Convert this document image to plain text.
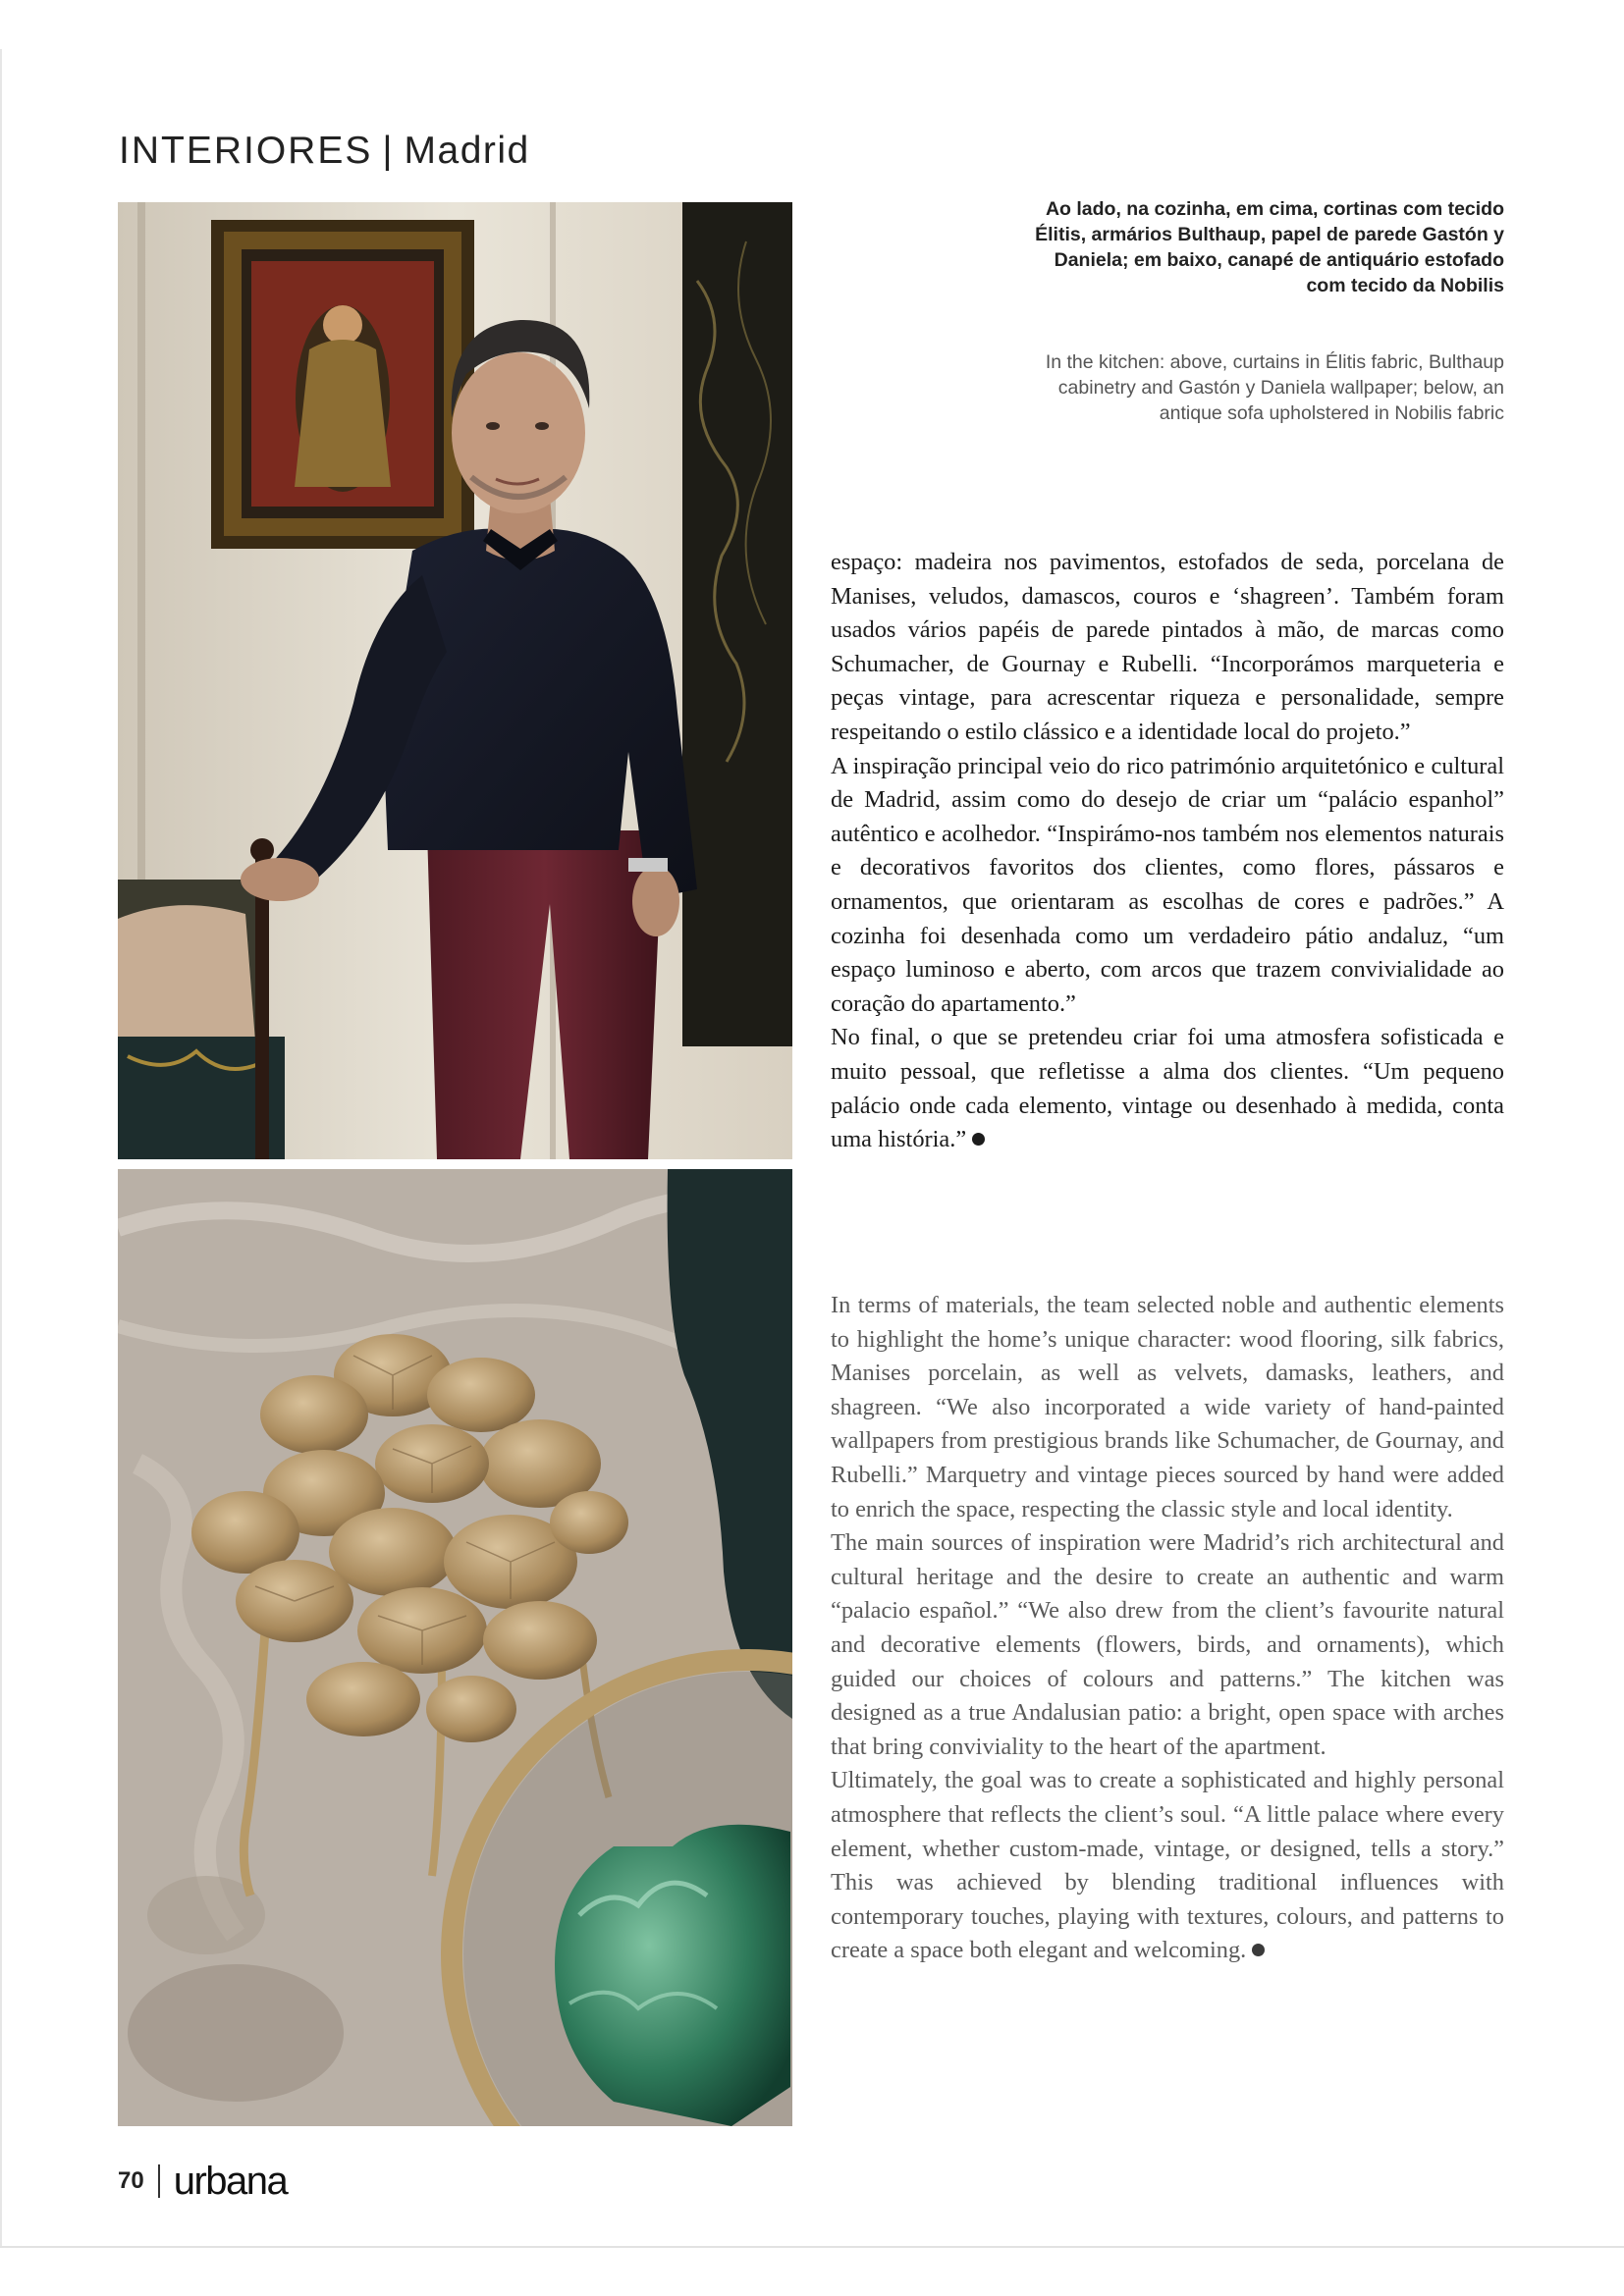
INTERIORES | Madrid
Ao lado, na cozinha, em cima, cortinas com tecido Élitis, armários Bulthaup, papel de parede Gastón y Daniela; em baixo, canapé de antiquário estofado com tecido da Nobilis
In the kitchen: above, curtains in Élitis fabric, Bulthaup cabinetry and Gastón y Daniela wallpaper; below, an antique sofa upholstered in Nobilis fabric

espaço: madeira nos pavimentos, estofados de seda, porcelana de Manises, veludos, damascos, couros e ‘shagreen’. Também foram usados vários papéis de parede pintados à mão, de marcas como Schumacher, de Gournay e Rubelli. “Incorporámos marqueteria e peças vintage, para acrescentar riqueza e personalidade, sempre respeitando o estilo clássico e a identidade local do projeto.”

A inspiração principal veio do rico património arquitetónico e cultural de Madrid, assim como do desejo de criar um “palácio espanhol” autêntico e acolhedor. “Inspirámo-nos também nos elementos naturais e decorativos favoritos dos clientes, como flores, pássaros e ornamentos, que orientaram as escolhas de cores e padrões.” A cozinha foi desenhada como um verdadeiro pátio andaluz, “um espaço luminoso e aberto, com arcos que trazem convivialidade ao coração do apartamento.”

No final, o que se pretendeu criar foi uma atmosfera sofisticada e muito pessoal, que refletisse a alma dos clientes. “Um pequeno palácio onde cada elemento, vintage ou desenhado à medida, conta uma história.”

In terms of materials, the team selected noble and authentic elements to highlight the home’s unique character: wood flooring, silk fabrics, Manises porcelain, as well as velvets, damasks, leathers, and shagreen. “We also incorporated a wide variety of hand-painted wallpapers from prestigious brands like Schumacher, de Gournay, and Rubelli.” Marquetry and vintage pieces sourced by hand were added to enrich the space, respecting the classic style and local identity.

The main sources of inspiration were Madrid’s rich architectural and cultural heritage and the desire to create an authentic and warm “palacio español.” “We also drew from the client’s favourite natural and decorative elements (flowers, birds, and ornaments), which guided our choices of colours and patterns.” The kitchen was designed as a true Andalusian patio: a bright, open space with arches that bring conviviality to the heart of the apartment.

Ultimately, the goal was to create a sophisticated and highly personal atmosphere that reflects the client’s soul. “A little palace where every element, whether custom-made, vintage, or designed, tells a story.” This was achieved by blending traditional influences with contemporary touches, playing with textures, colours, and patterns to create a space both elegant and welcoming.

70 urbana
